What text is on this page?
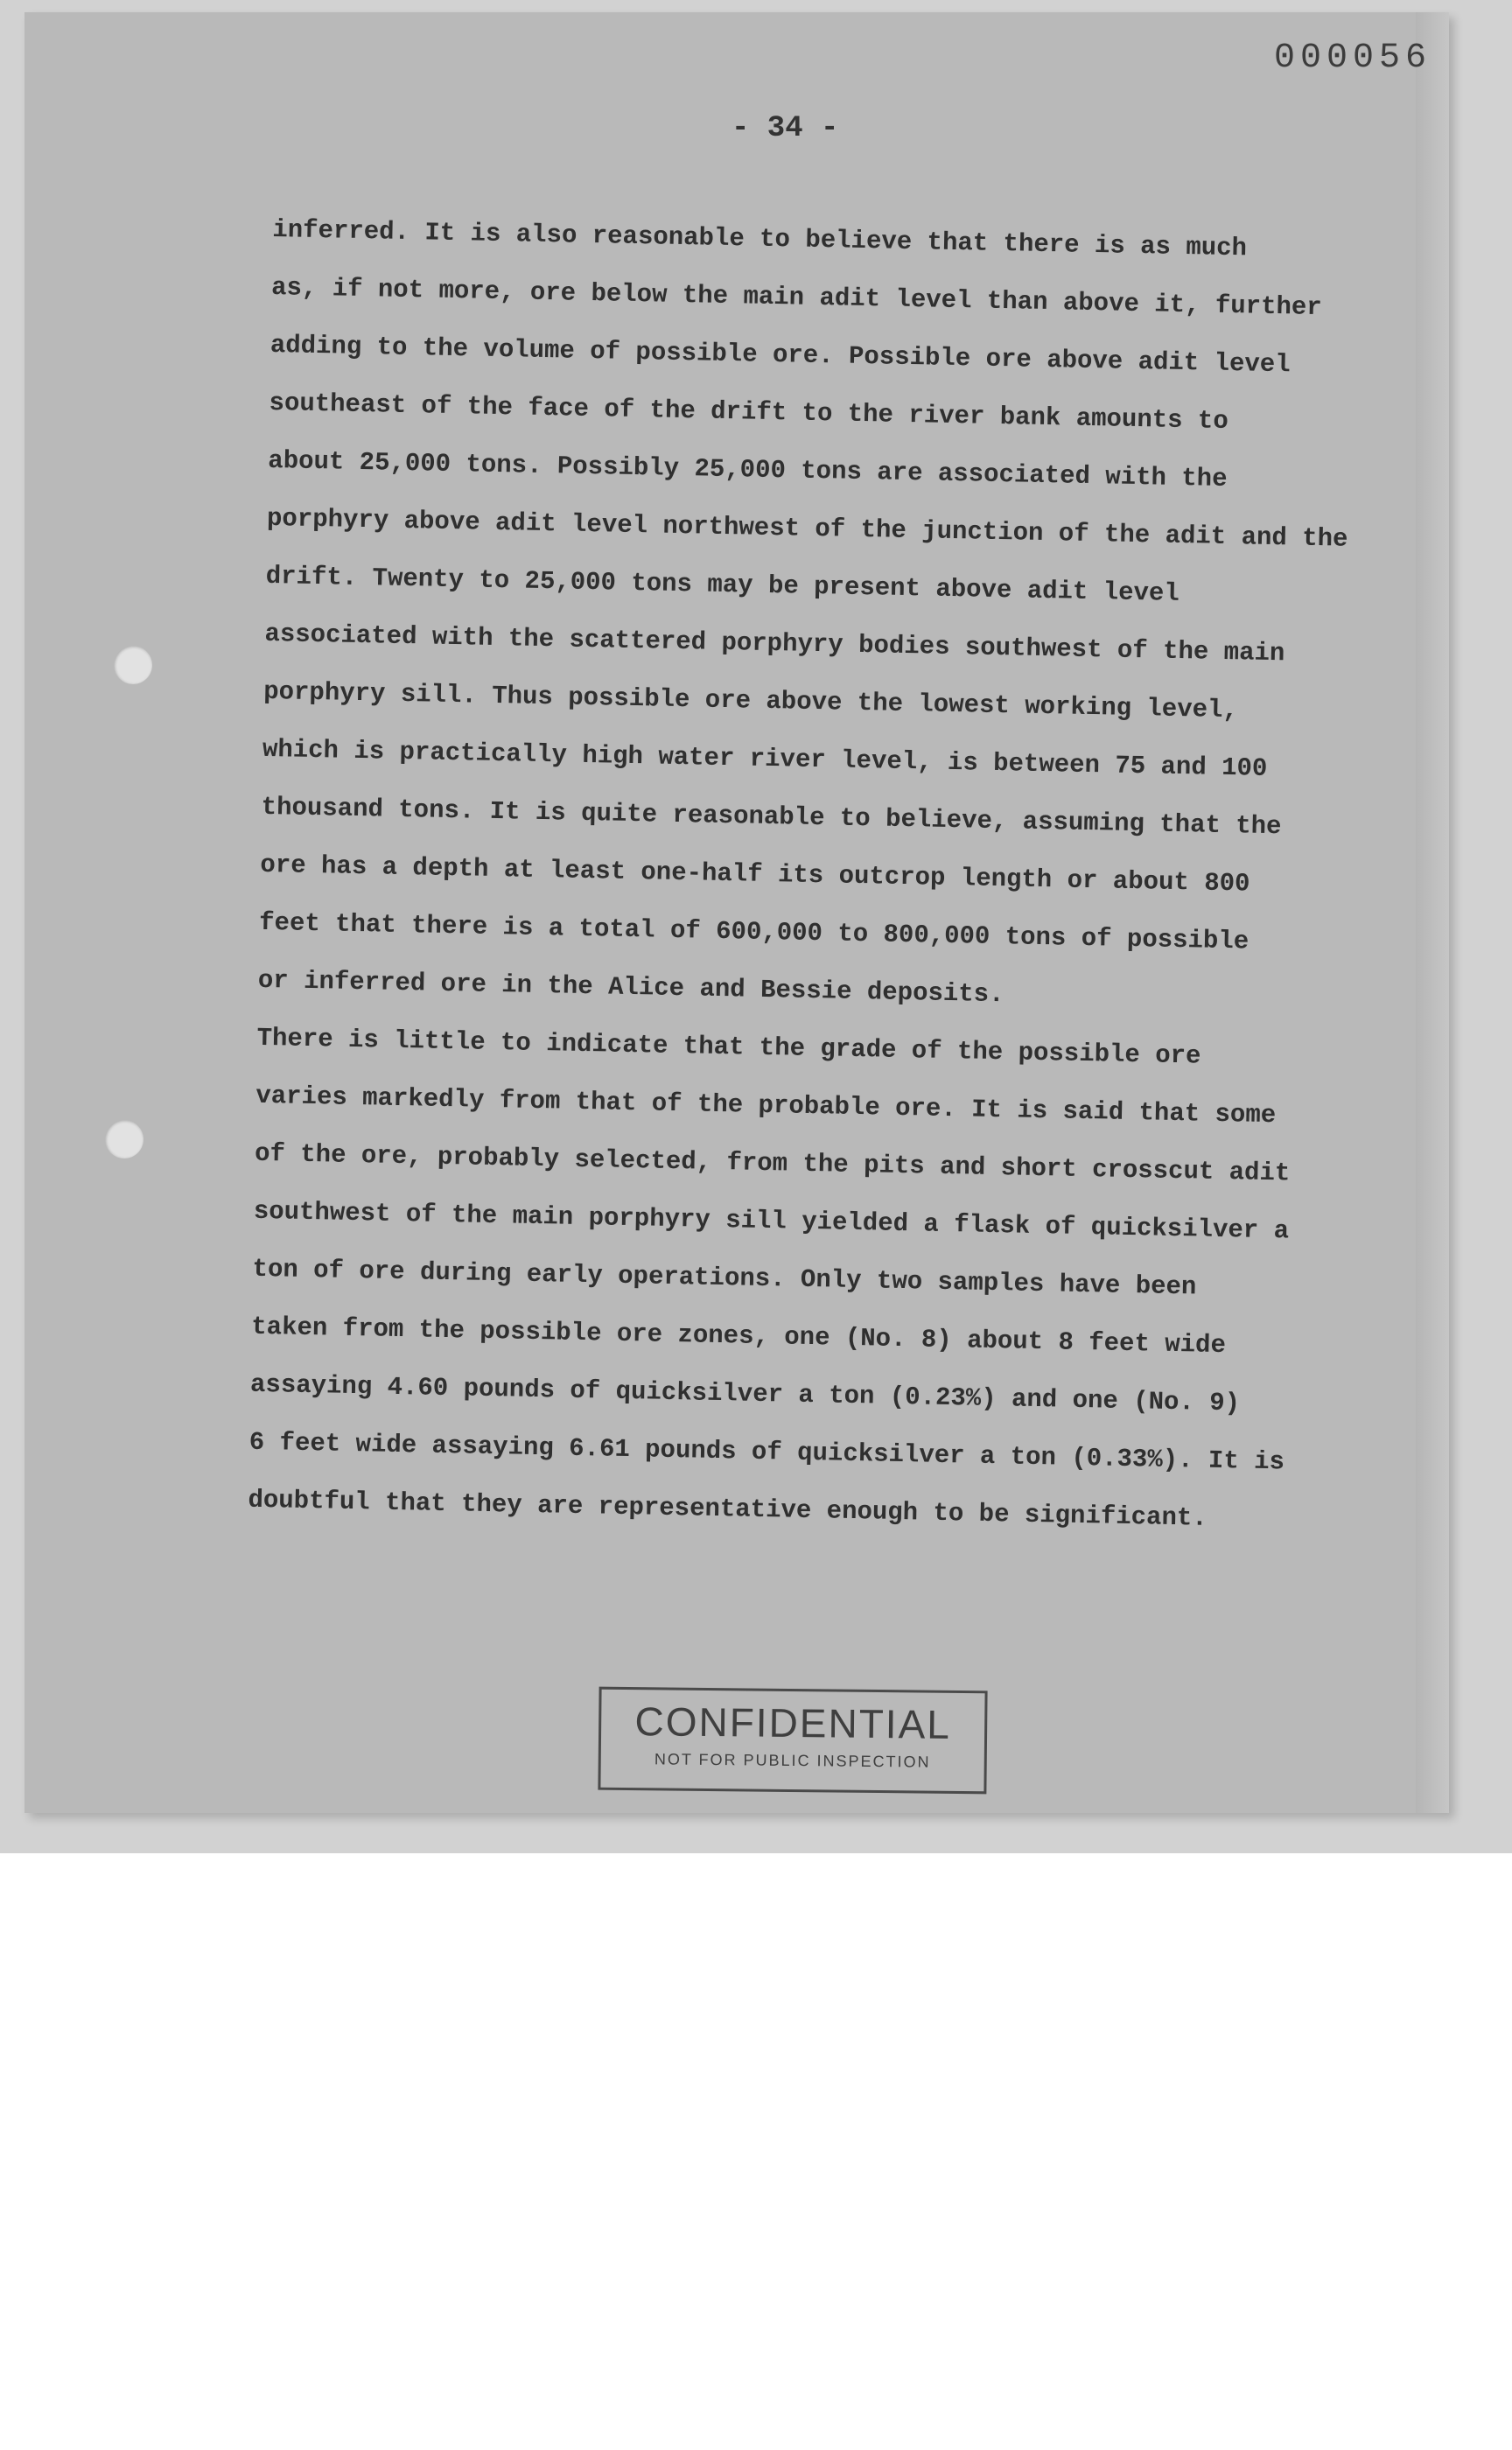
000056
- 34 -

inferred. It is also reasonable to believe that there is as much
as, if not more, ore below the main adit level than above it, further
adding to the volume of possible ore. Possible ore above adit level
southeast of the face of the drift to the river bank amounts to
about 25,000 tons. Possibly 25,000 tons are associated with the
porphyry above adit level northwest of the junction of the adit and the
drift. Twenty to 25,000 tons may be present above adit level
associated with the scattered porphyry bodies southwest of the main
porphyry sill. Thus possible ore above the lowest working level,
which is practically high water river level, is between 75 and 100
thousand tons. It is quite reasonable to believe, assuming that the
ore has a depth at least one-half its outcrop length or about 800
feet that there is a total of 600,000 to 800,000 tons of possible
or inferred ore in the Alice and Bessie deposits.

There is little to indicate that the grade of the possible ore
varies markedly from that of the probable ore. It is said that some
of the ore, probably selected, from the pits and short crosscut adit
southwest of the main porphyry sill yielded a flask of quicksilver a
ton of ore during early operations. Only two samples have been
taken from the possible ore zones, one (No. 8) about 8 feet wide
assaying 4.60 pounds of quicksilver a ton (0.23%) and one (No. 9)
6 feet wide assaying 6.61 pounds of quicksilver a ton (0.33%). It is
doubtful that they are representative enough to be significant.

CONFIDENTIAL
NOT FOR PUBLIC INSPECTION
